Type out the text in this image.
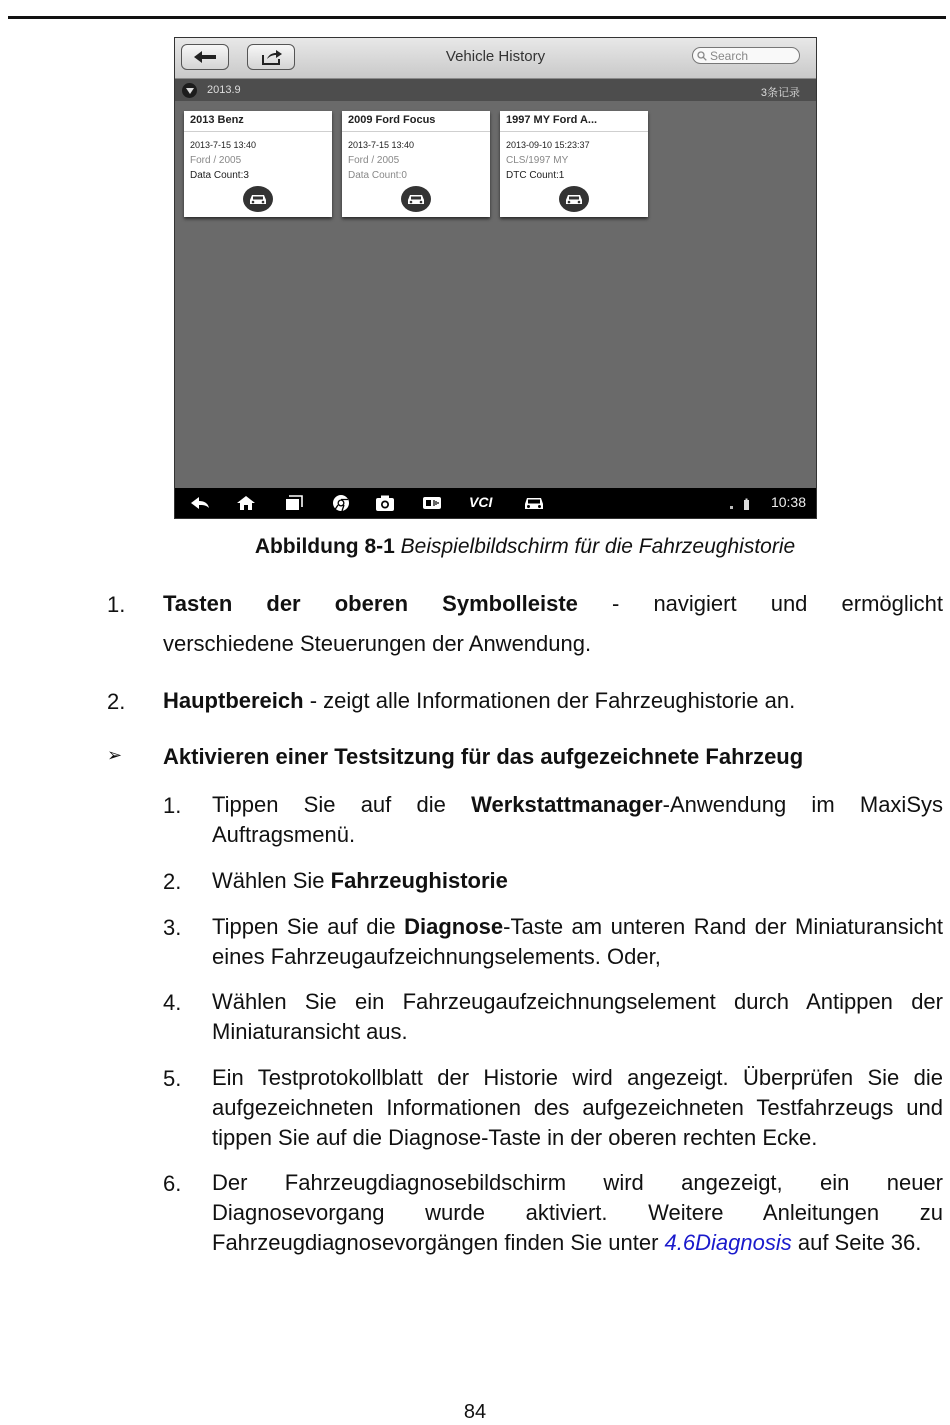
Vehicle History	Search
2013.9	3条记录
2013 Benz
2013-7-15 13:40
Ford / 2005
Data Count:3
2009 Ford Focus
2013-7-15 13:40
Ford / 2005
Data Count:0
1997 MY Ford A...
2013-09-10 15:23:37
CLS/1997 MY
DTC Count:1
VCI	10:38
Abbildung 8-1 Beispielbildschirm für die Fahrzeughistorie
1. Tasten der oberen Symbolleiste - navigiert und ermöglicht
verschiedene Steuerungen der Anwendung.
2. Hauptbereich - zeigt alle Informationen der Fahrzeughistorie an.
➢ Aktivieren einer Testsitzung für das aufgezeichnete Fahrzeug
1. Tippen Sie auf die Werkstattmanager-Anwendung im MaxiSys Auftragsmenü.
2. Wählen Sie Fahrzeughistorie
3. Tippen Sie auf die Diagnose-Taste am unteren Rand der Miniaturansicht eines Fahrzeugaufzeichnungselements. Oder,
4. Wählen Sie ein Fahrzeugaufzeichnungselement durch Antippen der Miniaturansicht aus.
5. Ein Testprotokollblatt der Historie wird angezeigt. Überprüfen Sie die aufgezeichneten Informationen des aufgezeichneten Testfahrzeugs und tippen Sie auf die Diagnose-Taste in der oberen rechten Ecke.
6. Der Fahrzeugdiagnosebildschirm wird angezeigt, ein neuer Diagnosevorgang wurde aktiviert. Weitere Anleitungen zu Fahrzeugdiagnosevorgängen finden Sie unter 4.6Diagnosis auf Seite 36.
84
